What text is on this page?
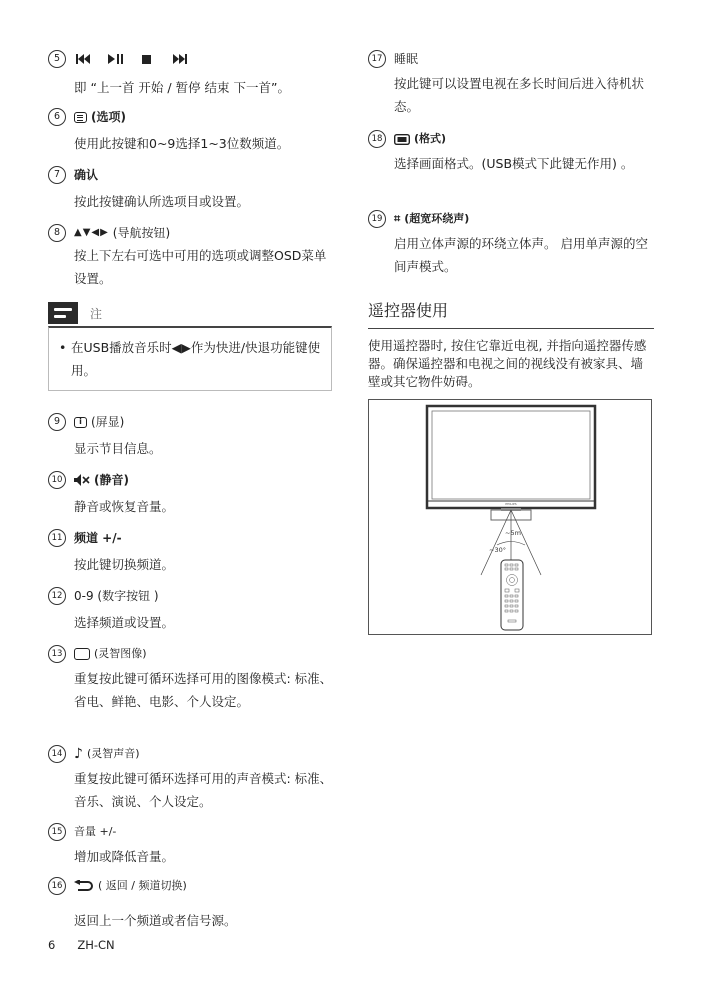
5
即 “上一首 开始 / 暂停 结束 下一首”。
6	(选项)
使用此按键和0~9选择1~3位数频道。
7	确认
按此按键确认所选项目或设置。
8	▲▼◀▶ (导航按钮)
按上下左右可选中可用的选项或调整OSD菜单设置。
注
• 在USB播放音乐时◀▶作为快进/快退功能键使用。
9	i (屏显)
显示节目信息。
10	(静音)
静音或恢复音量。
11 频道 +/-
按此键切换频道。
12 0-9 (数字按钮 )
选择频道或设置。
13	(灵智图像)
重复按此键可循环选择可用的图像模式: 标准、省电、鲜艳、电影、个人设定。
14 ♪ (灵智声音)
重复按此键可循环选择可用的声音模式: 标准、音乐、演说、个人设定。
15	音量 +/-
增加或降低音量。
16	( 返回 / 频道切换)
返回上一个频道或者信号源。
17 睡眠
按此键可以设置电视在多长时间后进入待机状态。
18	(格式)
选择画面格式。(USB模式下此键无作用) 。
19	⌗ (超宽环绕声)
启用立体声源的环绕立体声。 启用单声源的空间声模式。
遥控器使用
使用遥控器时, 按住它靠近电视, 并指向遥控器传感器。确保遥控器和电视之间的视线没有被家具、墙壁或其它物件妨碍。
PHILIPS
~5m
~30°
6 ZH-CN
